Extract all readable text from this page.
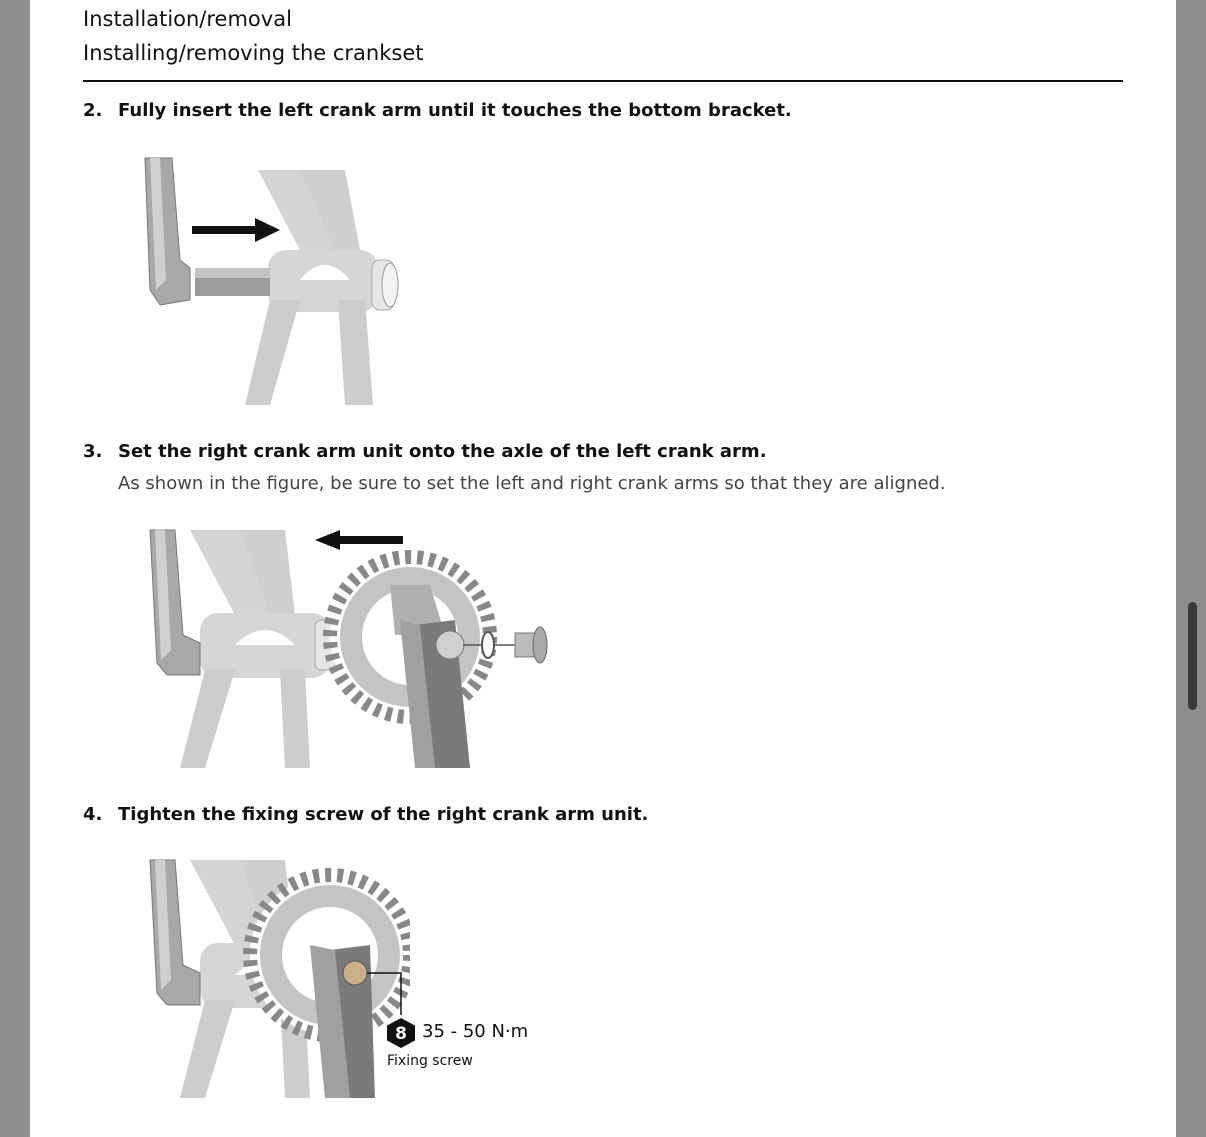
Installation/removal
Installing/removing the crankset
2. Fully insert the left crank arm until it touches the bottom bracket.
3. Set the right crank arm unit onto the axle of the left crank arm.
As shown in the figure, be sure to set the left and right crank arms so that they are aligned.
4. Tighten the fixing screw of the right crank arm unit.
8 35 - 50 N·m
Fixing screw
